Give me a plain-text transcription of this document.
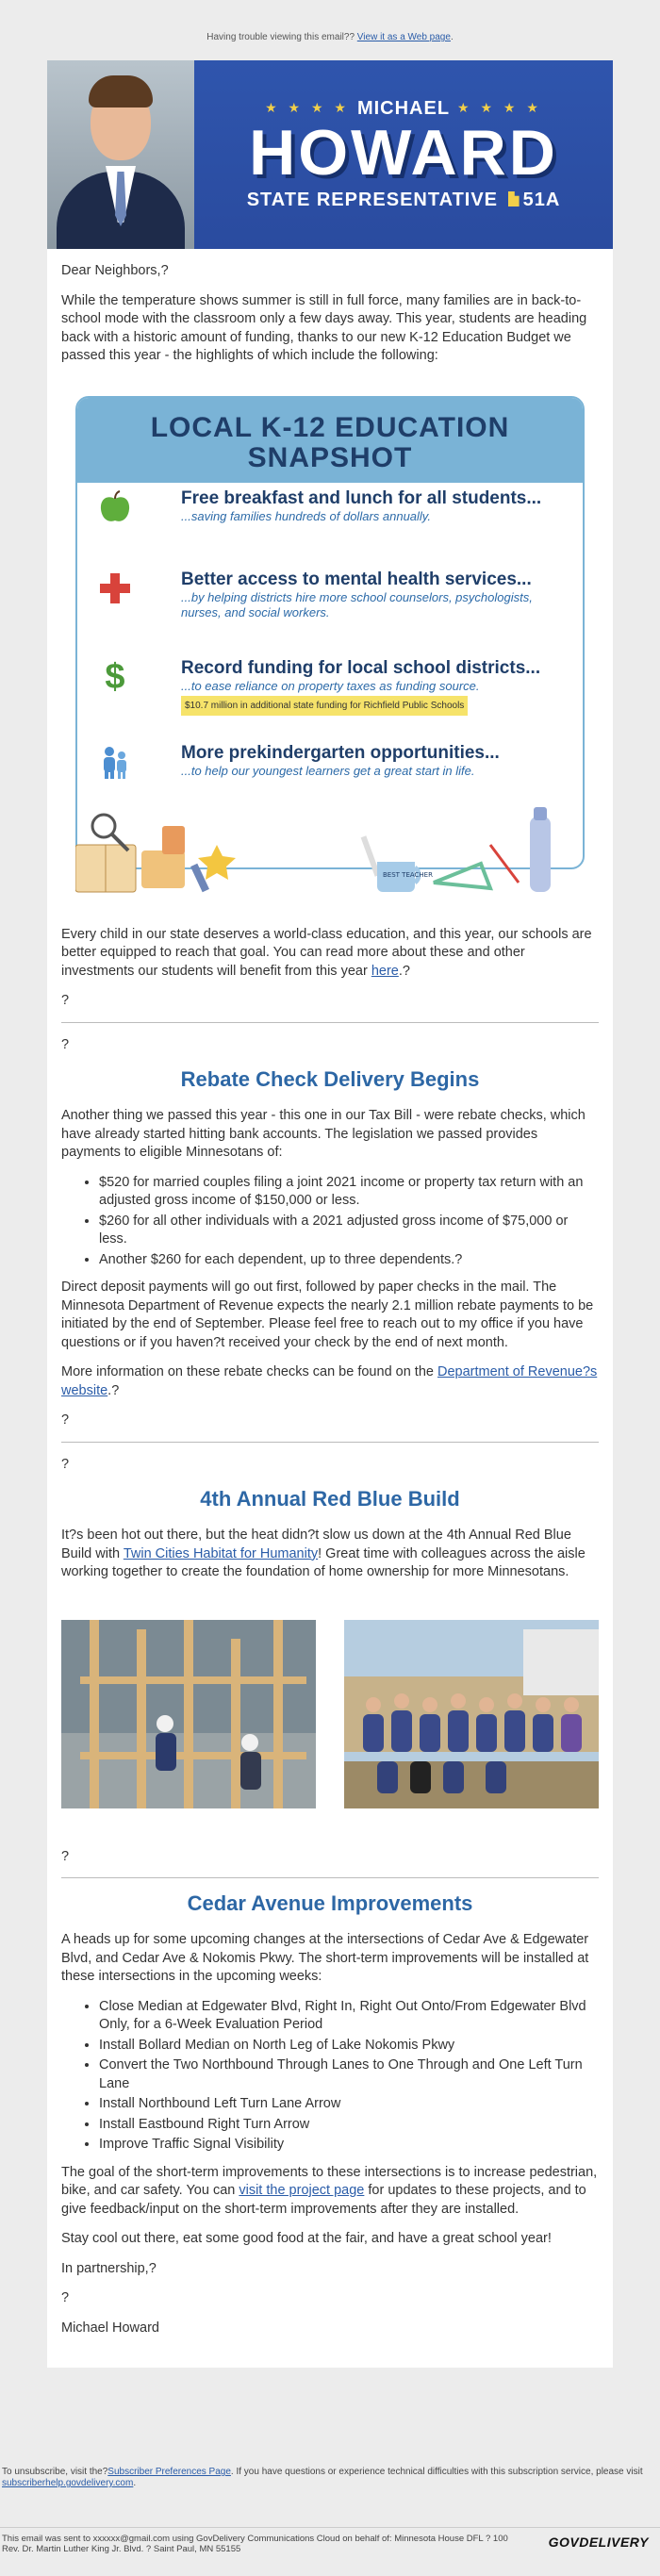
Having trouble viewing this email?? View it as a Web page.
★ ★ ★ ★ MICHAEL ★ ★ ★ ★
HOWARD
STATE REPRESENTATIVE 51A

Dear Neighbors,?

While the temperature shows summer is still in full force, many families are in back-to-school mode with the classroom only a few days away. This year, students are heading back with a historic amount of funding, thanks to our new K-12 Education Budget we passed this year - the highlights of which include the following:

LOCAL K-12 EDUCATION
SNAPSHOT
Free breakfast and lunch for all students...
...saving families hundreds of dollars annually.
Better access to mental health services...
...by helping districts hire more school counselors, psychologists, nurses, and social workers.
$	Record funding for local school districts...
...to ease reliance on property taxes as funding source.
$10.7 million in additional state funding for Richfield Public Schools
More prekindergarten opportunities...
...to help our youngest learners get a great start in life.
BEST TEACHER

Every child in our state deserves a world-class education, and this year, our schools are better equipped to reach that goal. You can read more about these and other investments our students will benefit from this year here.?

?

?

Rebate Check Delivery Begins

Another thing we passed this year - this one in our Tax Bill - were rebate checks, which have already started hitting bank accounts. The legislation we passed provides payments to eligible Minnesotans of:

• $520 for married couples filing a joint 2021 income or property tax return with an adjusted gross income of $150,000 or less.
• $260 for all other individuals with a 2021 adjusted gross income of $75,000 or less.
• Another $260 for each dependent, up to three dependents.?

Direct deposit payments will go out first, followed by paper checks in the mail. The Minnesota Department of Revenue expects the nearly 2.1 million rebate payments to be initiated by the end of September. Please feel free to reach out to my office if you have questions or if you haven?t received your check by the end of next month.

More information on these rebate checks can be found on the Department of Revenue?s website.?

?

?

4th Annual Red Blue Build

It?s been hot out there, but the heat didn?t slow us down at the 4th Annual Red Blue Build with Twin Cities Habitat for Humanity! Great time with colleagues across the aisle working together to create the foundation of home ownership for more Minnesotans.

?

Cedar Avenue Improvements

A heads up for some upcoming changes at the intersections of Cedar Ave & Edgewater Blvd, and Cedar Ave & Nokomis Pkwy. The short-term improvements will be installed at these intersections in the upcoming weeks:

• Close Median at Edgewater Blvd, Right In, Right Out Onto/From Edgewater Blvd Only, for a 6-Week Evaluation Period
• Install Bollard Median on North Leg of Lake Nokomis Pkwy
• Convert the Two Northbound Through Lanes to One Through and One Left Turn Lane
• Install Northbound Left Turn Lane Arrow
• Install Eastbound Right Turn Arrow
• Improve Traffic Signal Visibility

The goal of the short-term improvements to these intersections is to increase pedestrian, bike, and car safety. You can visit the project page for updates to these projects, and to give feedback/input on the short-term improvements after they are installed.

Stay cool out there, eat some good food at the fair, and have a great school year!

In partnership,?

?

Michael Howard

To unsubscribe, visit the?Subscriber Preferences Page. If you have questions or experience technical difficulties with this subscription service, please visit subscriberhelp.govdelivery.com.
This email was sent to xxxxxx@gmail.com using GovDelivery Communications Cloud on behalf of: Minnesota House DFL ? 100
Rev. Dr. Martin Luther King Jr. Blvd. ? Saint Paul, MN 55155	GOVDELIVERY
